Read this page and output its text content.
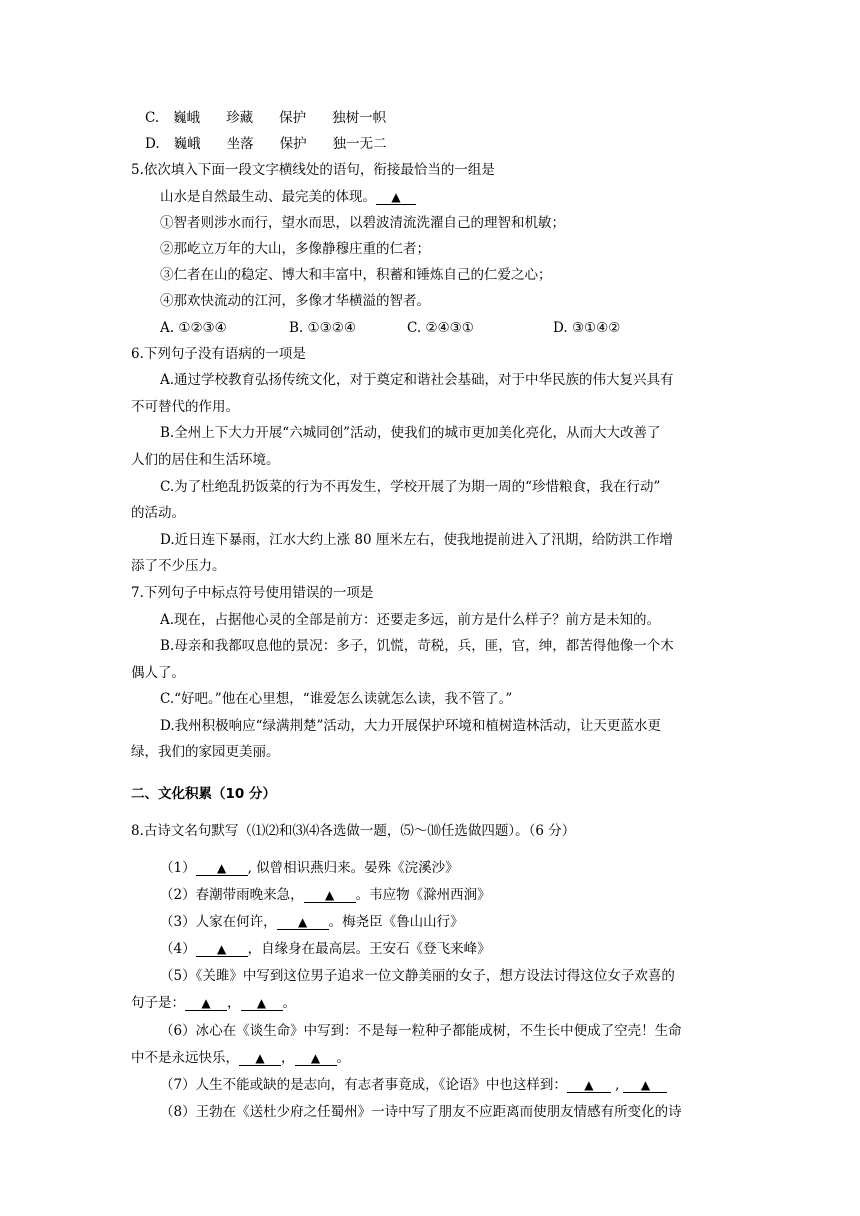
C. 巍峨 珍藏 保护 独树一帜
D. 巍峨 坐落 保护 独一无二
5.依次填入下面一段文字横线处的语句，衔接最恰当的一组是
山水是自然最生动、最完美的体现。 ▲
①智者则涉水而行，望水而思，以碧波清流洗濯自己的理智和机敏；
②那屹立万年的大山，多像静穆庄重的仁者；
③仁者在山的稳定、博大和丰富中，积蓄和锤炼自己的仁爱之心；
④那欢快流动的江河，多像才华横溢的智者。
A. ①②③④	B. ①③②④	C. ②④③①	D. ③①④②
6.下列句子没有语病的一项是
A.通过学校教育弘扬传统文化，对于奠定和谐社会基础，对于中华民族的伟大复兴具有
不可替代的作用。
B.全州上下大力开展“六城同创”活动，使我们的城市更加美化亮化，从而大大改善了
人们的居住和生活环境。
C.为了杜绝乱扔饭菜的行为不再发生，学校开展了为期一周的“珍惜粮食，我在行动”
的活动。
D.近日连下暴雨，江水大约上涨 80 厘米左右，使我地提前进入了汛期，给防洪工作增
添了不少压力。
7.下列句子中标点符号使用错误的一项是
A.现在，占据他心灵的全部是前方：还要走多远，前方是什么样子？前方是未知的。
B.母亲和我都叹息他的景况：多子，饥慌，苛税，兵，匪，官，绅，都苦得他像一个木
偶人了。
C.“好吧。”他在心里想，“谁爱怎么读就怎么读，我不管了。”
D.我州积极响应“绿满荆楚”活动，大力开展保护环境和植树造林活动，让天更蓝水更
绿，我们的家园更美丽。
二、文化积累（10 分）
8.古诗文名句默写（⑴⑵和⑶⑷各选做一题，⑸～⑽任选做四题）。（6 分）
（1） ▲ , 似曾相识燕归来。晏殊《浣溪沙》
（2）春潮带雨晚来急， ▲ 。韦应物《滁州西涧》
（3）人家在何许， ▲ 。梅尧臣《鲁山山行》
（4） ▲ ，自缘身在最高层。王安石《登飞来峰》
（5）《关雎》中写到这位男子追求一位文静美丽的女子，想方设法讨得这位女子欢喜的
句子是： ▲ ， ▲ 。
（6）冰心在《谈生命》中写到：不是每一粒种子都能成树，不生长中便成了空壳！生命
中不是永远快乐， ▲ ， ▲ 。
（7）人生不能或缺的是志向，有志者事竟成，《论语》中也这样到： ▲ , ▲
（8）王勃在《送杜少府之任蜀州》一诗中写了朋友不应距离而使朋友情感有所变化的诗
